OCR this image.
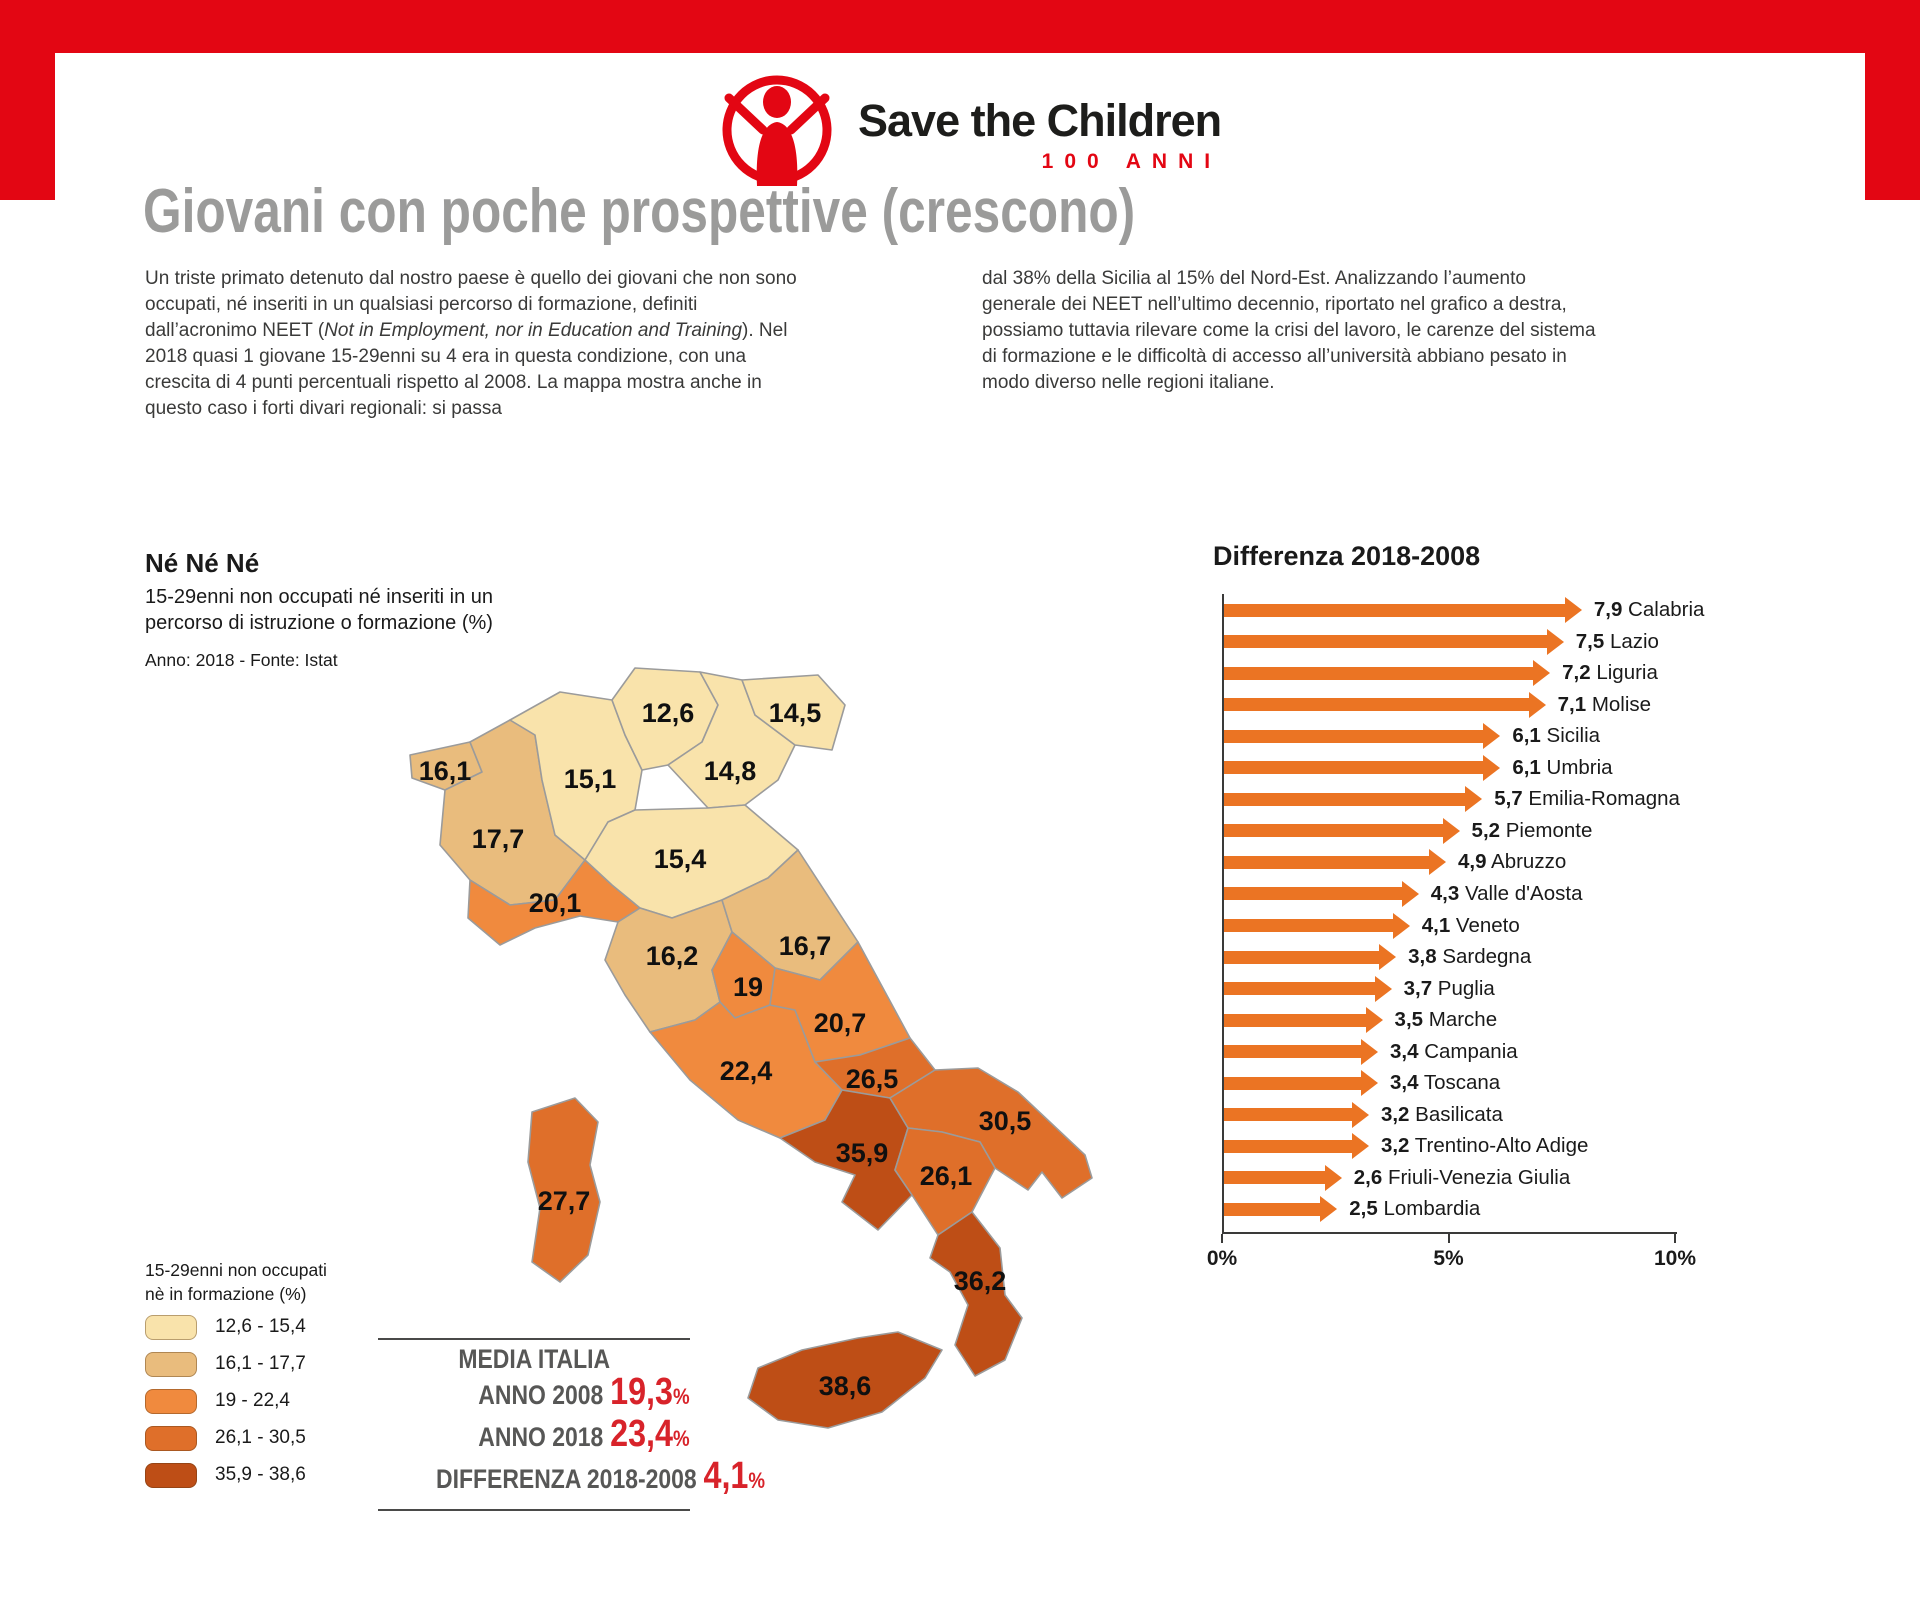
Save the Children
100 ANNI
Giovani con poche prospettive (crescono)

Un triste primato detenuto dal nostro paese è quello dei giovani che non sono occupati, né inseriti in un qualsiasi percorso di formazione, definiti dall’acronimo NEET (Not in Employment, nor in Education and Training). Nel 2018 quasi 1 giovane 15-29enni su 4 era in questa condizione, con una crescita di 4 punti percentuali rispetto al 2008. La mappa mostra anche in questo caso i forti divari regionali: si passa

dal 38% della Sicilia al 15% del Nord-Est. Analizzando l’aumento generale dei NEET nell’ultimo decennio, riportato nel grafico a destra, possiamo tuttavia rilevare come la crisi del lavoro, le carenze del sistema di formazione e le difficoltà di accesso all’università abbiano pesato in modo diverso nelle regioni italiane.

Né Né Né
15-29enni non occupati né inseriti in un percorso di istruzione o formazione (%)
Anno: 2018 - Fonte: Istat
16,1
17,7
20,1
15,1
12,6
14,8
14,5
15,4
16,2	16,7
19
22,4
20,7
26,5
35,9
30,5
26,1
36,2
38,6
27,7
15-29enni non occupati
nè in formazione (%)
12,6 - 15,4
16,1 - 17,7
19 - 22,4
26,1 - 30,5
35,9 - 38,6
MEDIA ITALIA
ANNO 2008 19,3%
ANNO 2018 23,4%
DIFFERENZA 2018-2008 4,1%
Differenza 2018-2008
0%	5%	10%
7,9 Calabria
7,5 Lazio
7,2 Liguria
7,1 Molise
6,1 Sicilia
6,1 Umbria
5,7 Emilia-Romagna
5,2 Piemonte
4,9 Abruzzo
4,3 Valle d'Aosta
4,1 Veneto
3,8 Sardegna
3,7 Puglia
3,5 Marche
3,4 Campania
3,4 Toscana
3,2 Basilicata
3,2 Trentino-Alto Adige
2,6 Friuli-Venezia Giulia
2,5 Lombardia
